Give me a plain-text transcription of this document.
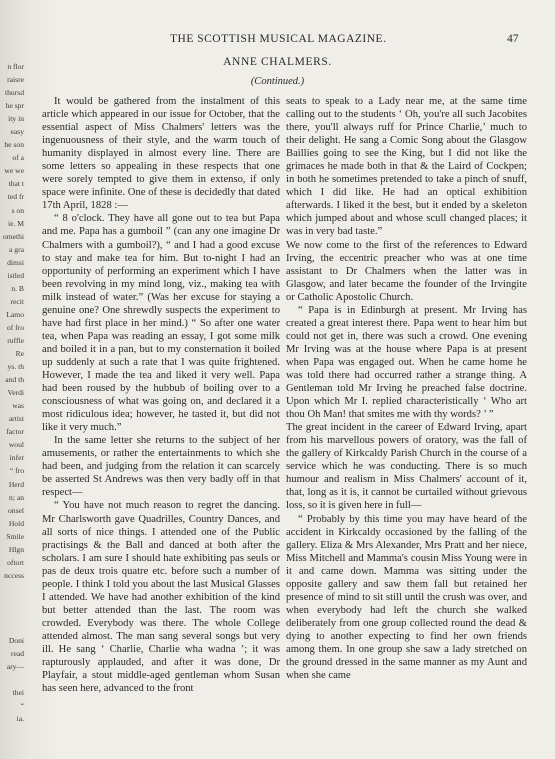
n flor
raisre
thursd
he spr
ity in
easy
he son
of a
we we
that t
ted fr
s on
ie. M
omethi
a gra
dimsi
istled
n. B
recit
Lamo
of fro
ruffle
Re
ys. th
and th
Verdi
was
artist
factor
woul
infer
“ fro
Herd
n; an
onsel
Hold
Smile
Hlgn
oftort
nccess
Doni
read
ary—
thei
“
ia.
THE SCOTTISH MUSICAL MAGAZINE.	47
ANNE CHALMERS.
(Continued.)

It would be gathered from the instalment of this article which appeared in our issue for October, that the essential aspect of Miss Chalmers' letters was the ingenuousness of their style, and the warm touch of humanity displayed in almost every line. There are some letters so appealing in these respects that one were sorely tempted to give them in extenso, if only space were infinite. One of these is decidedly that dated 17th April, 1828 :—

“ 8 o'clock. They have all gone out to tea but Papa and me. Papa has a gumboil ” (can any one imagine Dr Chalmers with a gumboil?), “ and I had a good excuse to stay and make tea for him. But to-night I had an opportunity of performing an experiment which I have been revolving in my mind long, viz., making tea with milk instead of water.” (Was her excuse for staying a genuine one? One shrewdly suspects the experiment to have had first place in her mind.) “ So after one water tea, when Papa was reading an essay, I got some milk and boiled it in a pan, but to my consternation it boiled up suddenly at such a rate that I was quite frightened. However, I made the tea and liked it very well. Papa had been roused by the hubbub of boiling over to a consciousness of what was going on, and declared it a most ridiculous idea; however, he tasted it, but did not like it very much.”

In the same letter she returns to the subject of her amusements, or rather the entertainments to which she had been, and judging from the relation it can scarcely be asserted St Andrews was then very badly off in that respect—

“ You have not much reason to regret the dancing. Mr Charlsworth gave Quadrilles, Country Dances, and all sorts of nice things. I attended one of the Public practisings & the Ball and danced at both after the scholars. I am sure I should hate exhibiting pas seuls or pas de deux trois quatre etc. before such a number of people. I think I told you about the last Musical Glasses I attended. We have had another exhibition of the kind but better attended than the last. The room was crowded. Everybody was there. The whole College attended almost. The man sang several songs but very ill. He sang ‘ Charlie, Charlie wha wadna ’; it was rapturously applauded, and after it was done, Dr Playfair, a stout middle-aged gentleman whom Susan has seen here, advanced to the front

seats to speak to a Lady near me, at the same time calling out to the students ‘ Oh, you're all such Jacobites there, you'll always ruff for Prince Charlie,’ much to their delight. He sang a Comic Song about the Glasgow Baillies going to see the King, but I did not like the grimaces he made both in that & the Laird of Cockpen; in both he sometimes pretended to take a pinch of snuff, which I did like. He had an optical exhibition afterwards. I liked it the best, but it ended by a skeleton which jumped about and whose scull changed places; it was in very bad taste.”

We now come to the first of the references to Edward Irving, the eccentric preacher who was at one time assistant to Dr Chalmers when the latter was in Glasgow, and later became the founder of the Irvingite or Catholic Apostolic Church.

“ Papa is in Edinburgh at present. Mr Irving has created a great interest there. Papa went to hear him but could not get in, there was such a crowd. One evening Mr Irving was at the house where Papa is at present when Papa was engaged out. When he came home he was told there had occurred rather a strange thing. A Gentleman told Mr Irving he preached false doctrine. Upon which Mr I. replied characteristically ‘ Who art thou Oh Man! that smites me with thy words? ’ ”

The great incident in the career of Edward Irving, apart from his marvellous powers of oratory, was the fall of the gallery of Kirkcaldy Parish Church in the course of a service which he was conducting. There is so much humour and realism in Miss Chalmers' account of it, that, long as it is, it cannot be curtailed without grievous loss, so it is given here in full—

“ Probably by this time you may have heard of the accident in Kirkcaldy occasioned by the falling of the gallery. Eliza & Mrs Alexander, Mrs Pratt and her niece, Miss Mitchell and Mamma's cousin Miss Young were in it and came down. Mamma was sitting under the opposite gallery and saw them fall but retained her presence of mind to sit still until the crush was over, and when everybody had left the church she walked deliberately from one group collected round the dead & dying to another expecting to find her own friends among them. In one group she saw a lady stretched on the ground dressed in the same manner as my Aunt and when she came
